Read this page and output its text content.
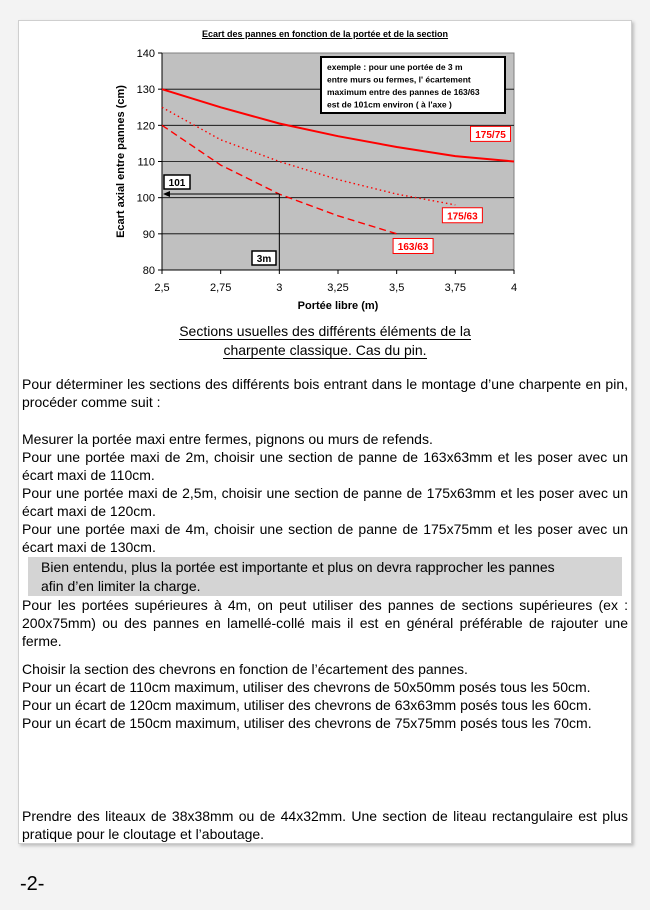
Ecart des pannes en fonction de la portée et de la section
80
90
100
110
120
130
140
2,5	2,75	3	3,25	3,5	3,75	4
Portée libre (m)
Ecart axial entre pannes (cm)	175/75
175/63
163/63
101
3m
exemple : pour une portée de 3 m
entre murs ou fermes, l' écartement
maximum entre des pannes de 163/63
est de 101cm environ ( à l'axe )
Sections usuelles des différents éléments de la
charpente classique. Cas du pin.

Pour déterminer les sections des différents bois entrant dans le montage d’une charpente en pin, procéder comme suit :

Mesurer la portée maxi entre fermes, pignons ou murs de refends.

Pour une portée maxi de 2m, choisir une section de panne de 163x63mm et les poser avec un écart maxi de 110cm.

Pour une portée maxi de 2,5m, choisir une section de panne de 175x63mm et les poser avec un écart maxi de 120cm.

Pour une portée maxi de 4m, choisir une section de panne de 175x75mm et les poser avec un écart maxi de 130cm.

Bien entendu, plus la portée est importante et plus on devra rapprocher les pannes

afin d’en limiter la charge.

Pour les portées supérieures à 4m, on peut utiliser des pannes de sections supérieures (ex : 200x75mm) ou des pannes en lamellé-collé mais il est en général préférable de rajouter une ferme.

Choisir la section des chevrons en fonction de l’écartement des pannes.

Pour un écart de 110cm maximum, utiliser des chevrons de 50x50mm posés tous les 50cm.

Pour un écart de 120cm maximum, utiliser des chevrons de 63x63mm posés tous les 60cm.

Pour un écart de 150cm maximum, utiliser des chevrons de 75x75mm posés tous les 70cm.

Prendre des liteaux de 38x38mm ou de 44x32mm. Une section de liteau rectangulaire est plus pratique pour le cloutage et l’aboutage.

-2-
